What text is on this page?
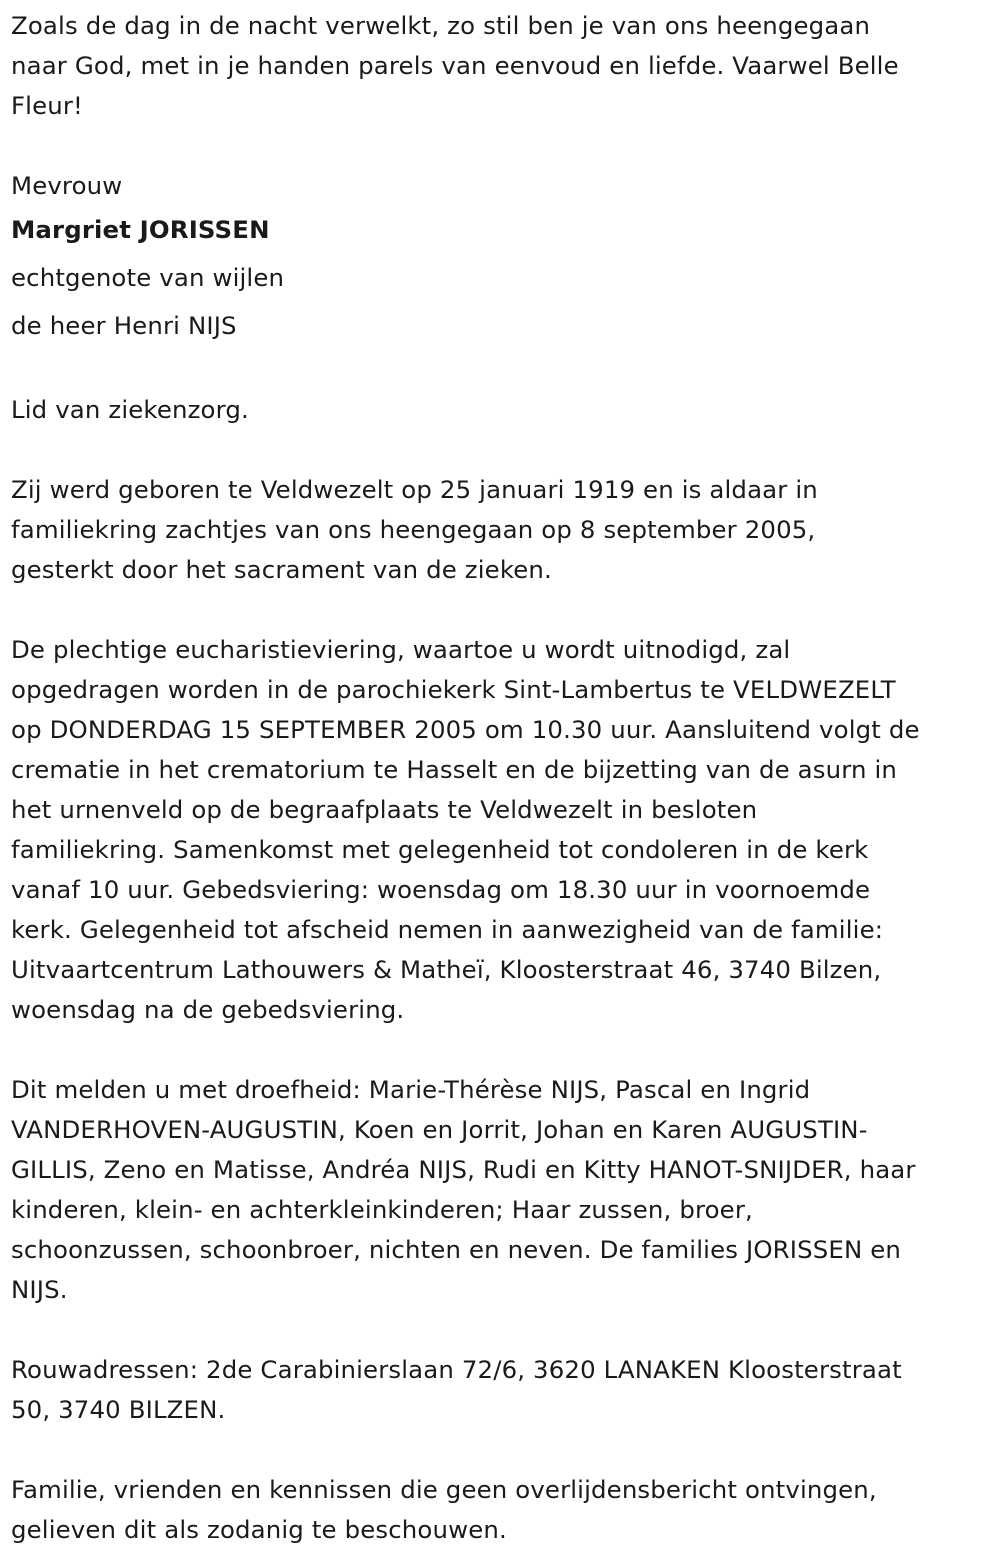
Zoals de dag in de nacht verwelkt, zo stil ben je van ons heengegaan
naar God, met in je handen parels van eenvoud en liefde. Vaarwel Belle
Fleur!

Mevrouw

Margriet JORISSEN

echtgenote van wijlen

de heer Henri NIJS

Lid van ziekenzorg.

Zij werd geboren te Veldwezelt op 25 januari 1919 en is aldaar in
familiekring zachtjes van ons heengegaan op 8 september 2005,
gesterkt door het sacrament van de zieken.

De plechtige eucharistieviering, waartoe u wordt uitnodigd, zal
opgedragen worden in de parochiekerk Sint-Lambertus te VELDWEZELT
op DONDERDAG 15 SEPTEMBER 2005 om 10.30 uur. Aansluitend volgt de
crematie in het crematorium te Hasselt en de bijzetting van de asurn in
het urnenveld op de begraafplaats te Veldwezelt in besloten
familiekring. Samenkomst met gelegenheid tot condoleren in de kerk
vanaf 10 uur. Gebedsviering: woensdag om 18.30 uur in voornoemde
kerk. Gelegenheid tot afscheid nemen in aanwezigheid van de familie:
Uitvaartcentrum Lathouwers & Matheï, Kloosterstraat 46, 3740 Bilzen,
woensdag na de gebedsviering.

Dit melden u met droefheid: Marie-Thérèse NIJS, Pascal en Ingrid
VANDERHOVEN-AUGUSTIN, Koen en Jorrit, Johan en Karen AUGUSTIN-
GILLIS, Zeno en Matisse, Andréa NIJS, Rudi en Kitty HANOT-SNIJDER, haar
kinderen, klein- en achterkleinkinderen; Haar zussen, broer,
schoonzussen, schoonbroer, nichten en neven. De families JORISSEN en
NIJS.

Rouwadressen: 2de Carabinierslaan 72/6, 3620 LANAKEN Kloosterstraat
50, 3740 BILZEN.

Familie, vrienden en kennissen die geen overlijdensbericht ontvingen,
gelieven dit als zodanig te beschouwen.
